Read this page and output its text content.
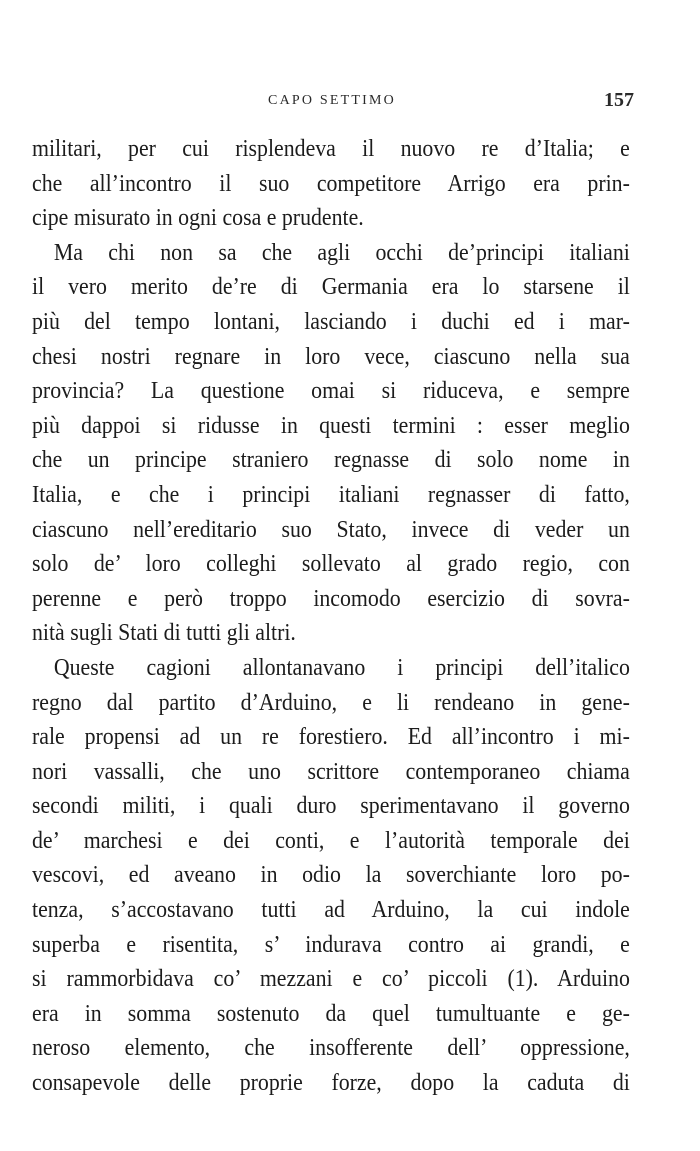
CAPO SETTIMO	157
militari, per cui risplendeva il nuovo re d’Italia; e
che all’incontro il suo competitore Arrigo era prin-
cipe misurato in ogni cosa e prudente.
Ma chi non sa che agli occhi de’principi italiani
il vero merito de’re di Germania era lo starsene il
più del tempo lontani, lasciando i duchi ed i mar-
chesi nostri regnare in loro vece, ciascuno nella sua
provincia? La questione omai si riduceva, e sempre
più dappoi si ridusse in questi termini : esser meglio
che un principe straniero regnasse di solo nome in
Italia, e che i principi italiani regnasser di fatto,
ciascuno nell’ereditario suo Stato, invece di veder un
solo de’ loro colleghi sollevato al grado regio, con
perenne e però troppo incomodo esercizio di sovra-
nità sugli Stati di tutti gli altri.
Queste cagioni allontanavano i principi dell’italico
regno dal partito d’Arduino, e li rendeano in gene-
rale propensi ad un re forestiero. Ed all’incontro i mi-
nori vassalli, che uno scrittore contemporaneo chiama
secondi militi, i quali duro sperimentavano il governo
de’ marchesi e dei conti, e l’autorità temporale dei
vescovi, ed aveano in odio la soverchiante loro po-
tenza, s’accostavano tutti ad Arduino, la cui indole
superba e risentita, s’ indurava contro ai grandi, e
si rammorbidava co’ mezzani e co’ piccoli (1). Arduino
era in somma sostenuto da quel tumultuante e ge-
neroso elemento, che insofferente dell’ oppressione,
consapevole delle proprie forze, dopo la caduta di
